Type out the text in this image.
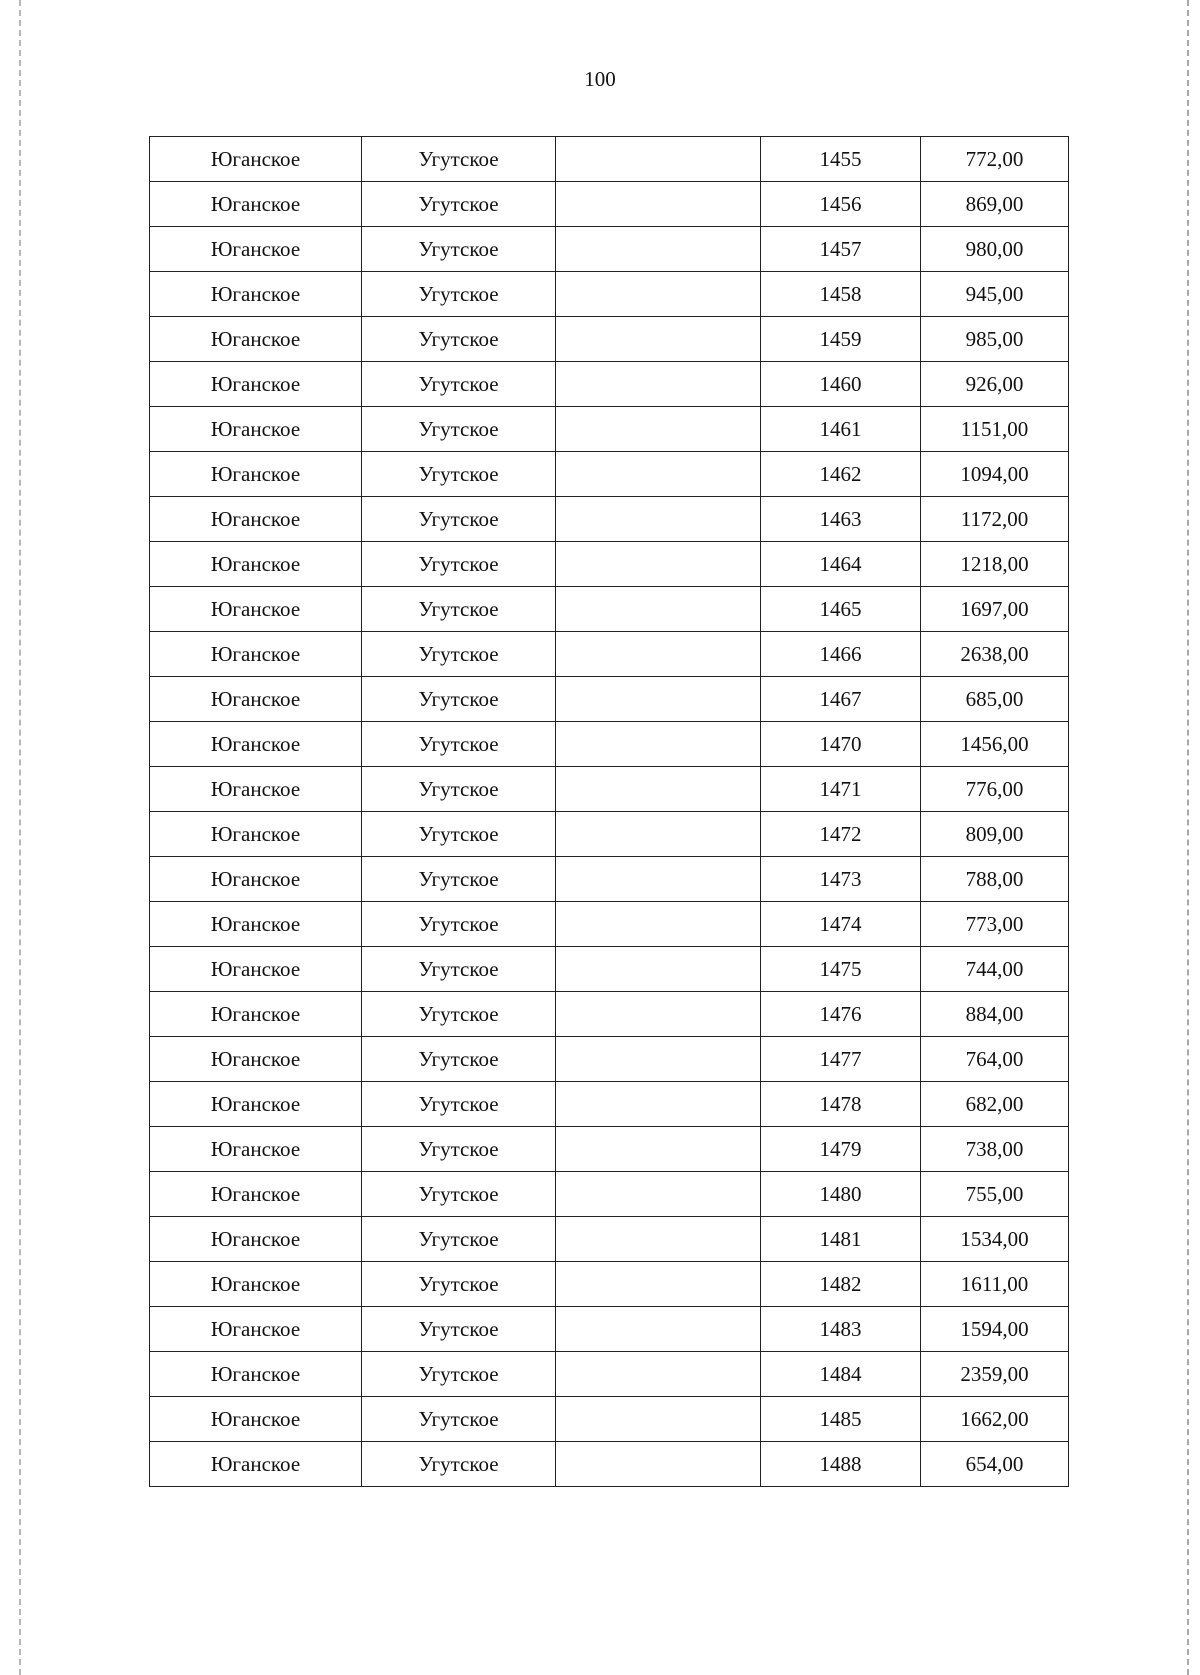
100
Юганское	Угутское		1455	772,00
Юганское	Угутское		1456	869,00
Юганское	Угутское		1457	980,00
Юганское	Угутское		1458	945,00
Юганское	Угутское		1459	985,00
Юганское	Угутское		1460	926,00
Юганское	Угутское		1461	1151,00
Юганское	Угутское		1462	1094,00
Юганское	Угутское		1463	1172,00
Юганское	Угутское		1464	1218,00
Юганское	Угутское		1465	1697,00
Юганское	Угутское		1466	2638,00
Юганское	Угутское		1467	685,00
Юганское	Угутское		1470	1456,00
Юганское	Угутское		1471	776,00
Юганское	Угутское		1472	809,00
Юганское	Угутское		1473	788,00
Юганское	Угутское		1474	773,00
Юганское	Угутское		1475	744,00
Юганское	Угутское		1476	884,00
Юганское	Угутское		1477	764,00
Юганское	Угутское		1478	682,00
Юганское	Угутское		1479	738,00
Юганское	Угутское		1480	755,00
Юганское	Угутское		1481	1534,00
Юганское	Угутское		1482	1611,00
Юганское	Угутское		1483	1594,00
Юганское	Угутское		1484	2359,00
Юганское	Угутское		1485	1662,00
Юганское	Угутское		1488	654,00
